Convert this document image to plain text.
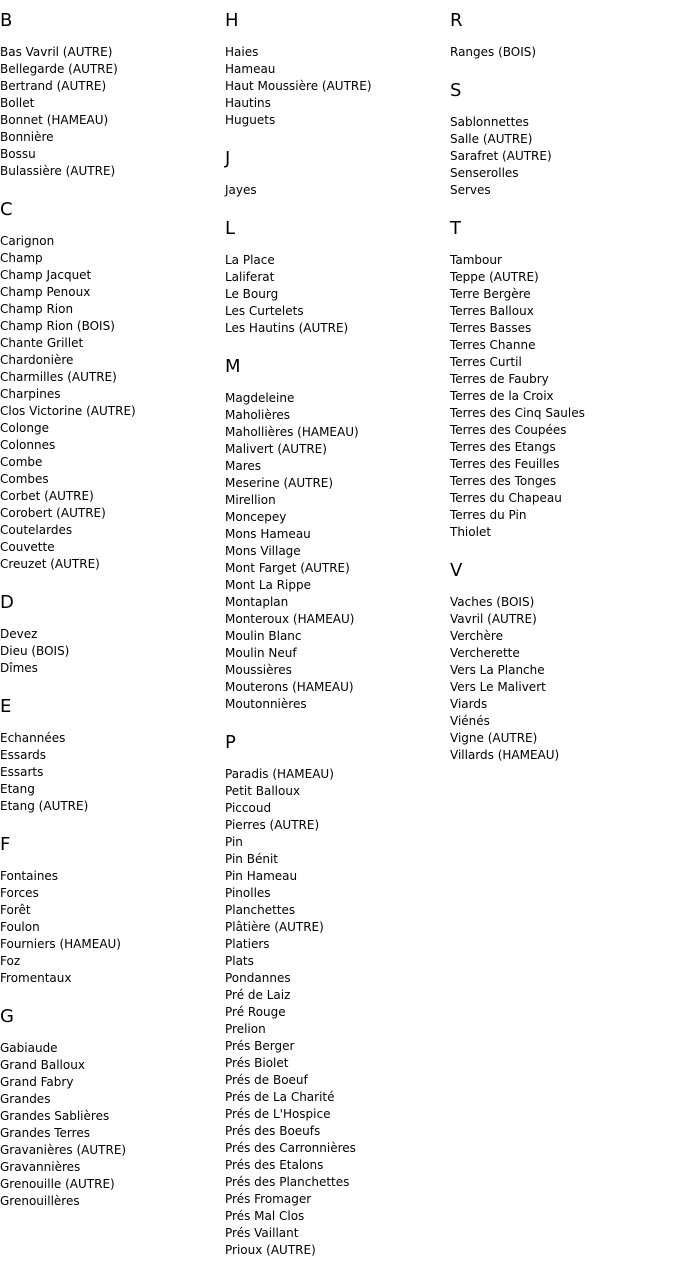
B
Bas Vavril (AUTRE)
Bellegarde (AUTRE)
Bertrand (AUTRE)
Bollet
Bonnet (HAMEAU)
Bonnière
Bossu
Bulassière (AUTRE)
C
Carignon
Champ
Champ Jacquet
Champ Penoux
Champ Rion
Champ Rion (BOIS)
Chante Grillet
Chardonière
Charmilles (AUTRE)
Charpines
Clos Victorine (AUTRE)
Colonge
Colonnes
Combe
Combes
Corbet (AUTRE)
Corobert (AUTRE)
Coutelardes
Couvette
Creuzet (AUTRE)
D
Devez
Dieu (BOIS)
Dîmes
E
Echannées
Essards
Essarts
Etang
Etang (AUTRE)
F
Fontaines
Forces
Forêt
Foulon
Fourniers (HAMEAU)
Foz
Fromentaux
G
Gabiaude
Grand Balloux
Grand Fabry
Grandes
Grandes Sablières
Grandes Terres
Gravanières (AUTRE)
Gravannières
Grenouille (AUTRE)
Grenouillères
H
Haies
Hameau
Haut Moussière (AUTRE)
Hautins
Huguets
J
Jayes
L
La Place
Laliferat
Le Bourg
Les Curtelets
Les Hautins (AUTRE)
M
Magdeleine
Maholières
Mahollières (HAMEAU)
Malivert (AUTRE)
Mares
Meserine (AUTRE)
Mirellion
Moncepey
Mons Hameau
Mons Village
Mont Farget (AUTRE)
Mont La Rippe
Montaplan
Monteroux (HAMEAU)
Moulin Blanc
Moulin Neuf
Moussières
Mouterons (HAMEAU)
Moutonnières
P
Paradis (HAMEAU)
Petit Balloux
Piccoud
Pierres (AUTRE)
Pin
Pin Bénit
Pin Hameau
Pinolles
Planchettes
Plâtière (AUTRE)
Platiers
Plats
Pondannes
Pré de Laiz
Pré Rouge
Prelion
Prés Berger
Prés Biolet
Prés de Boeuf
Prés de La Charité
Prés de L'Hospice
Prés des Boeufs
Prés des Carronnières
Prés des Etalons
Prés des Planchettes
Prés Fromager
Prés Mal Clos
Prés Vaillant
Prioux (AUTRE)
R
Ranges (BOIS)
S
Sablonnettes
Salle (AUTRE)
Sarafret (AUTRE)
Senserolles
Serves
T
Tambour
Teppe (AUTRE)
Terre Bergère
Terres Balloux
Terres Basses
Terres Channe
Terres Curtil
Terres de Faubry
Terres de la Croix
Terres des Cinq Saules
Terres des Coupées
Terres des Etangs
Terres des Feuilles
Terres des Tonges
Terres du Chapeau
Terres du Pin
Thiolet
V
Vaches (BOIS)
Vavril (AUTRE)
Verchère
Vercherette
Vers La Planche
Vers Le Malivert
Viards
Viénés
Vigne (AUTRE)
Villards (HAMEAU)
